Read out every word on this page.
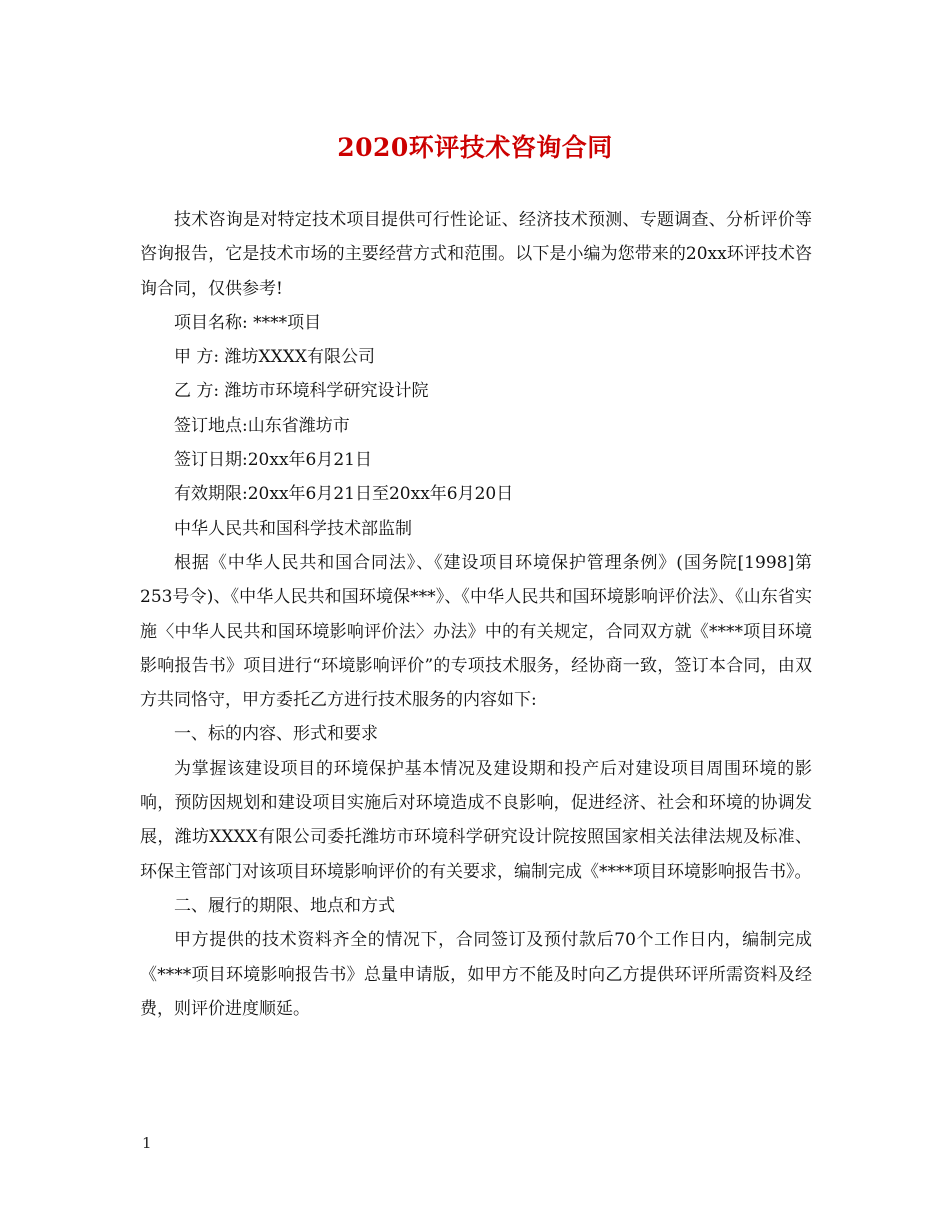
2020环评技术咨询合同

技术咨询是对特定技术项目提供可行性论证、经济技术预测、专题调查、分析评价等咨询报告，它是技术市场的主要经营方式和范围。以下是小编为您带来的20xx环评技术咨询合同，仅供参考!

项目名称: ****项目

甲 方: 潍坊XXXX有限公司

乙 方: 潍坊市环境科学研究设计院

签订地点:山东省潍坊市

签订日期:20xx年6月21日

有效期限:20xx年6月21日至20xx年6月20日

中华人民共和国科学技术部监制

根据《中华人民共和国合同法》、《建设项目环境保护管理条例》(国务院[1998]第253号令)、《中华人民共和国环境保***》、《中华人民共和国环境影响评价法》、《山东省实施〈中华人民共和国环境影响评价法〉办法》中的有关规定，合同双方就《****项目环境影响报告书》项目进行“环境影响评价”的专项技术服务，经协商一致，签订本合同，由双方共同恪守，甲方委托乙方进行技术服务的内容如下:

一、标的内容、形式和要求

为掌握该建设项目的环境保护基本情况及建设期和投产后对建设项目周围环境的影响，预防因规划和建设项目实施后对环境造成不良影响，促进经济、社会和环境的协调发展，潍坊XXXX有限公司委托潍坊市环境科学研究设计院按照国家相关法律法规及标准、环保主管部门对该项目环境影响评价的有关要求，编制完成《****项目环境影响报告书》。

二、履行的期限、地点和方式

甲方提供的技术资料齐全的情况下，合同签订及预付款后70个工作日内，编制完成《****项目环境影响报告书》总量申请版，如甲方不能及时向乙方提供环评所需资料及经费，则评价进度顺延。

1
